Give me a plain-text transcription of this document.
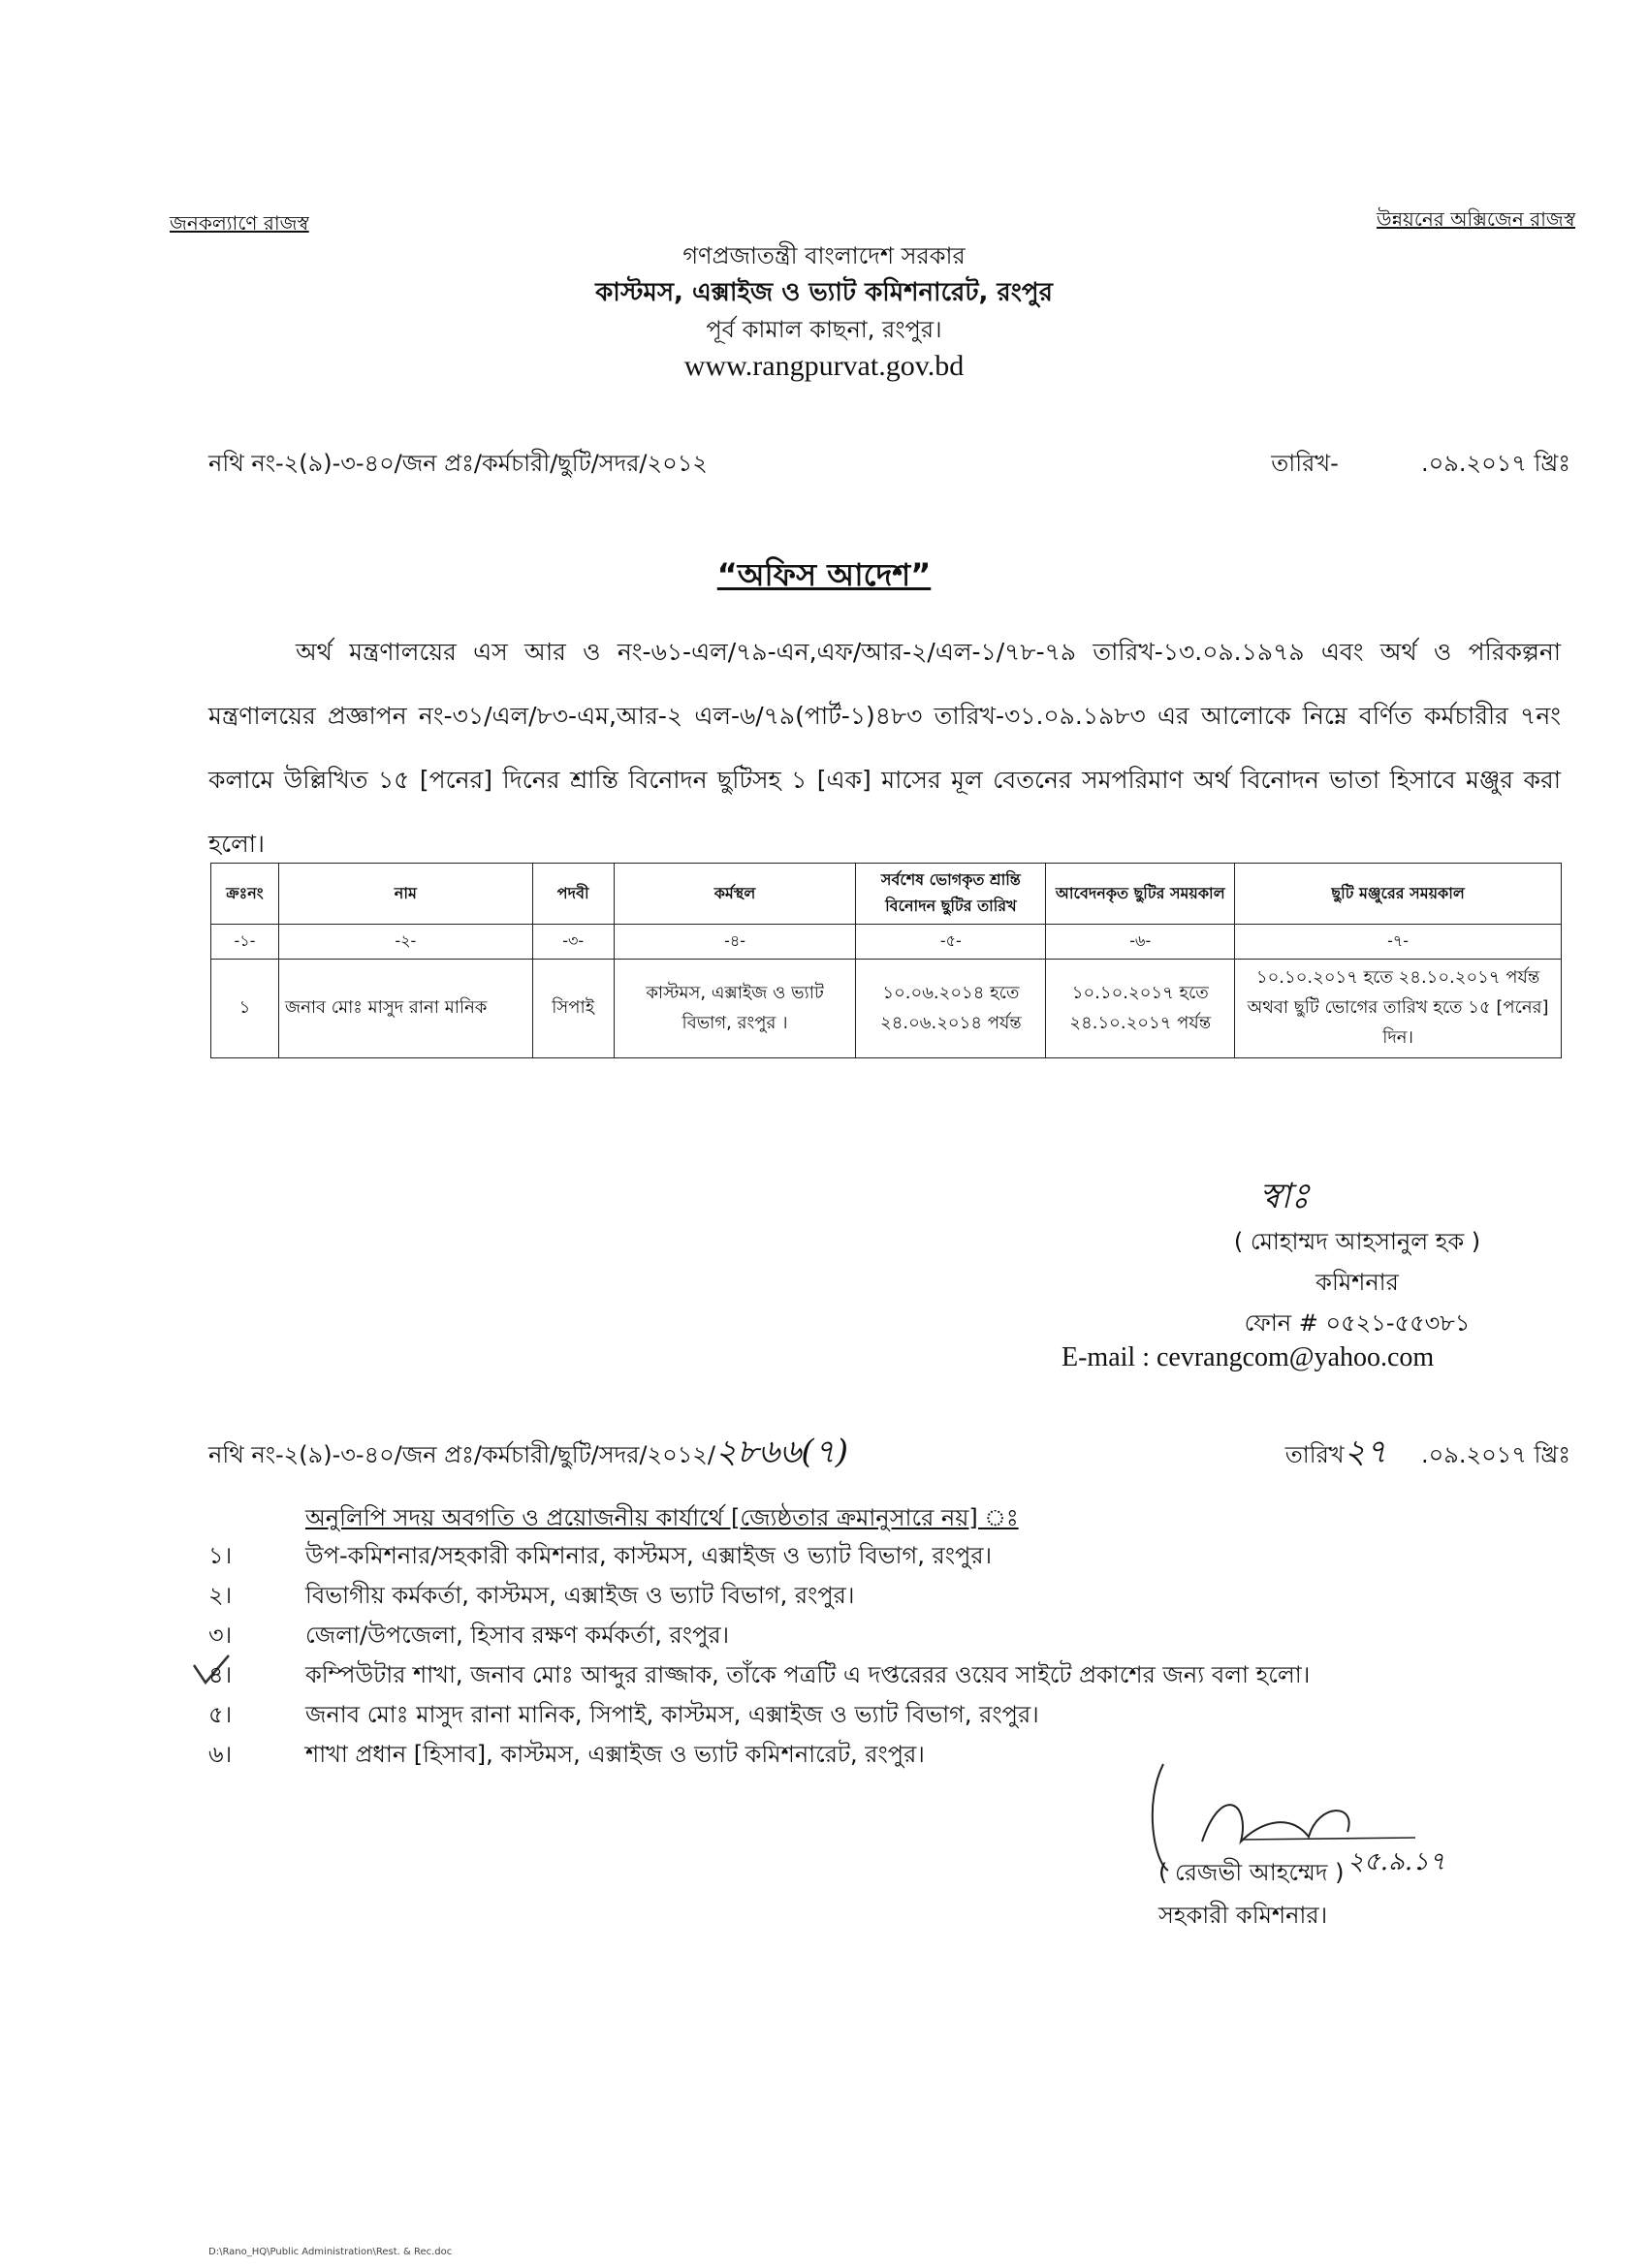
জনকল্যাণে রাজস্ব	উন্নয়নের অক্সিজেন রাজস্ব
গণপ্রজাতন্ত্রী বাংলাদেশ সরকার
কাস্টমস, এক্সাইজ ও ভ্যাট কমিশনারেট, রংপুর
পূর্ব কামাল কাছনা, রংপুর।
www.rangpurvat.gov.bd
নথি নং-২(৯)-৩-৪০/জন প্রঃ/কর্মচারী/ছুটি/সদর/২০১২	তারিখ-	.০৯.২০১৭ খ্রিঃ
“অফিস আদেশ”
অর্থ মন্ত্রণালয়ের এস আর ও নং-৬১-এল/৭৯-এন,এফ/আর-২/এল-১/৭৮-৭৯ তারিখ-১৩.০৯.১৯৭৯ এবং অর্থ ও পরিকল্পনা মন্ত্রণালয়ের প্রজ্ঞাপন নং-৩১/এল/৮৩-এম,আর-২ এল-৬/৭৯(পার্ট-১)৪৮৩ তারিখ-৩১.০৯.১৯৮৩ এর আলোকে নিম্নে বর্ণিত কর্মচারীর ৭নং কলামে উল্লিখিত ১৫ [পনের] দিনের শ্রান্তি বিনোদন ছুটিসহ ১ [এক] মাসের মূল বেতনের সমপরিমাণ অর্থ বিনোদন ভাতা হিসাবে মঞ্জুর করা হলো।
ক্রঃনং	নাম	পদবী	কর্মস্থল	সর্বশেষ ভোগকৃত শ্রান্তি বিনোদন ছুটির তারিখ	আবেদনকৃত ছুটির সময়কাল	ছুটি মঞ্জুরের সময়কাল
-১-	-২-	-৩-	-৪-	-৫-	-৬-	-৭-
১	জনাব মোঃ মাসুদ রানা মানিক	সিপাই	কাস্টমস, এক্সাইজ ও ভ্যাট বিভাগ, রংপুর ।	১০.০৬.২০১৪ হতে ২৪.০৬.২০১৪ পর্যন্ত	১০.১০.২০১৭ হতে ২৪.১০.২০১৭ পর্যন্ত	১০.১০.২০১৭ হতে ২৪.১০.২০১৭ পর্যন্ত অথবা ছুটি ভোগের তারিখ হতে ১৫ [পনের] দিন।
স্বাঃ
( মোহাম্মদ আহসানুল হক )
কমিশনার
ফোন # ০৫২১-৫৫৩৮১
E-mail : cevrangcom@yahoo.com
নথি নং-২(৯)-৩-৪০/জন প্রঃ/কর্মচারী/ছুটি/সদর/২০১২/২৮৬৬(৭)	তারিখ২৭ .০৯.২০১৭ খ্রিঃ
অনুলিপি সদয় অবগতি ও প্রয়োজনীয় কার্যার্থে [জ্যেষ্ঠতার ক্রমানুসারে নয়] ঃ
১।	উপ-কমিশনার/সহকারী কমিশনার, কাস্টমস, এক্সাইজ ও ভ্যাট বিভাগ, রংপুর।
২।	বিভাগীয় কর্মকর্তা, কাস্টমস, এক্সাইজ ও ভ্যাট বিভাগ, রংপুর।
৩।	জেলা/উপজেলা, হিসাব রক্ষণ কর্মকর্তা, রংপুর।
৪।	কম্পিউটার শাখা, জনাব মোঃ আব্দুর রাজ্জাক, তাঁকে পত্রটি এ দপ্তরেরর ওয়েব সাইটে প্রকাশের জন্য বলা হলো।
৫।	জনাব মোঃ মাসুদ রানা মানিক, সিপাই, কাস্টমস, এক্সাইজ ও ভ্যাট বিভাগ, রংপুর।
৬।	শাখা প্রধান [হিসাব], কাস্টমস, এক্সাইজ ও ভ্যাট কমিশনারেট, রংপুর।
২৫.৯.১৭
( রেজভী আহম্মেদ )
সহকারী কমিশনার।
D:\Rano_HQ\Public Administration\Rest. & Rec.doc
